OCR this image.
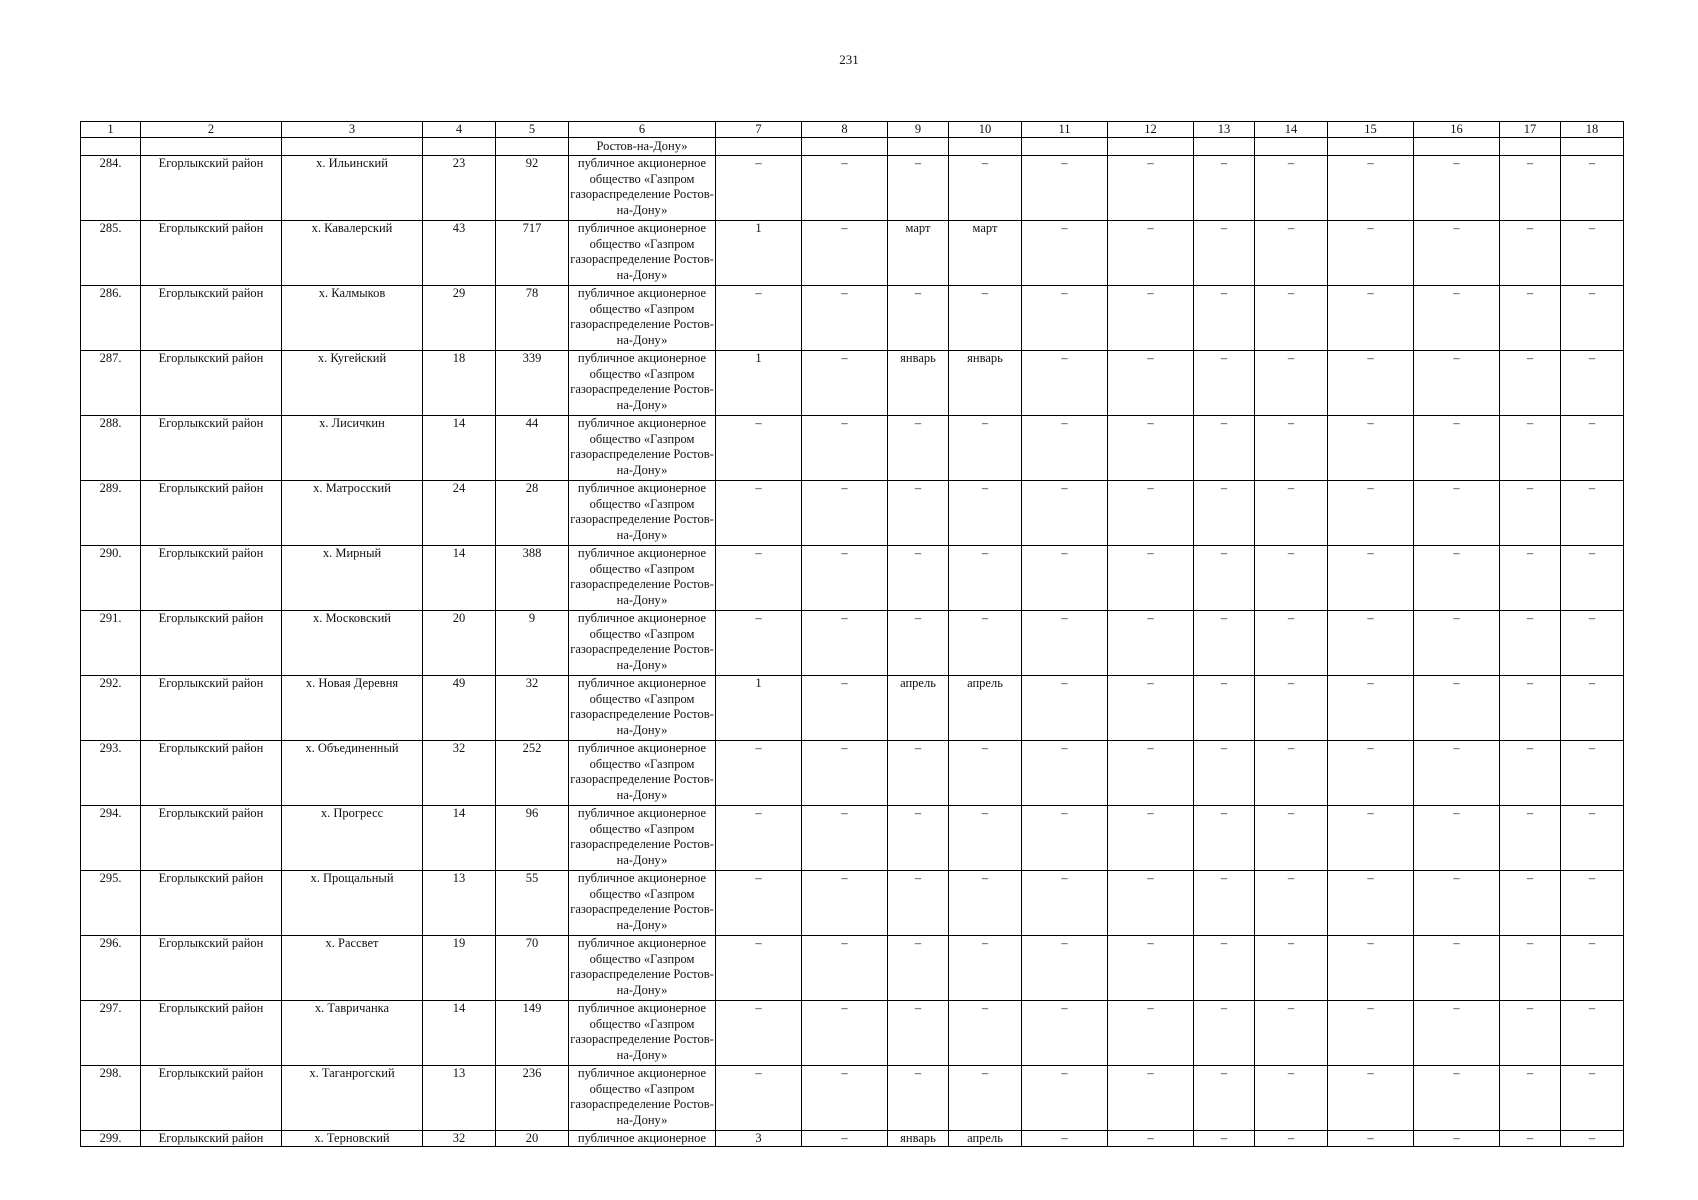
231
1	2	3	4	5	6	7	8	9	10	11	12	13	14	15	16	17	18
					Ростов-на-Дону»												
284.	Егорлыкский район	х. Ильинский	23	92	публичное акционерное общество «Газпром газораспределение Ростов-на-Дону»	–	–	–	–	–	–	–	–	–	–	–	–
285.	Егорлыкский район	х. Кавалерский	43	717	публичное акционерное общество «Газпром газораспределение Ростов-на-Дону»	1	–	март	март	–	–	–	–	–	–	–	–
286.	Егорлыкский район	х. Калмыков	29	78	публичное акционерное общество «Газпром газораспределение Ростов-на-Дону»	–	–	–	–	–	–	–	–	–	–	–	–
287.	Егорлыкский район	х. Кугейский	18	339	публичное акционерное общество «Газпром газораспределение Ростов-на-Дону»	1	–	январь	январь	–	–	–	–	–	–	–	–
288.	Егорлыкский район	х. Лисичкин	14	44	публичное акционерное общество «Газпром газораспределение Ростов-на-Дону»	–	–	–	–	–	–	–	–	–	–	–	–
289.	Егорлыкский район	х. Матросский	24	28	публичное акционерное общество «Газпром газораспределение Ростов-на-Дону»	–	–	–	–	–	–	–	–	–	–	–	–
290.	Егорлыкский район	х. Мирный	14	388	публичное акционерное общество «Газпром газораспределение Ростов-на-Дону»	–	–	–	–	–	–	–	–	–	–	–	–
291.	Егорлыкский район	х. Московский	20	9	публичное акционерное общество «Газпром газораспределение Ростов-на-Дону»	–	–	–	–	–	–	–	–	–	–	–	–
292.	Егорлыкский район	х. Новая Деревня	49	32	публичное акционерное общество «Газпром газораспределение Ростов-на-Дону»	1	–	апрель	апрель	–	–	–	–	–	–	–	–
293.	Егорлыкский район	х. Объединенный	32	252	публичное акционерное общество «Газпром газораспределение Ростов-на-Дону»	–	–	–	–	–	–	–	–	–	–	–	–
294.	Егорлыкский район	х. Прогресс	14	96	публичное акционерное общество «Газпром газораспределение Ростов-на-Дону»	–	–	–	–	–	–	–	–	–	–	–	–
295.	Егорлыкский район	х. Прощальный	13	55	публичное акционерное общество «Газпром газораспределение Ростов-на-Дону»	–	–	–	–	–	–	–	–	–	–	–	–
296.	Егорлыкский район	х. Рассвет	19	70	публичное акционерное общество «Газпром газораспределение Ростов-на-Дону»	–	–	–	–	–	–	–	–	–	–	–	–
297.	Егорлыкский район	х. Тавричанка	14	149	публичное акционерное общество «Газпром газораспределение Ростов-на-Дону»	–	–	–	–	–	–	–	–	–	–	–	–
298.	Егорлыкский район	х. Таганрогский	13	236	публичное акционерное общество «Газпром газораспределение Ростов-на-Дону»	–	–	–	–	–	–	–	–	–	–	–	–
299.	Егорлыкский район	х. Терновский	32	20	публичное акционерное	3	–	январь	апрель	–	–	–	–	–	–	–	–
